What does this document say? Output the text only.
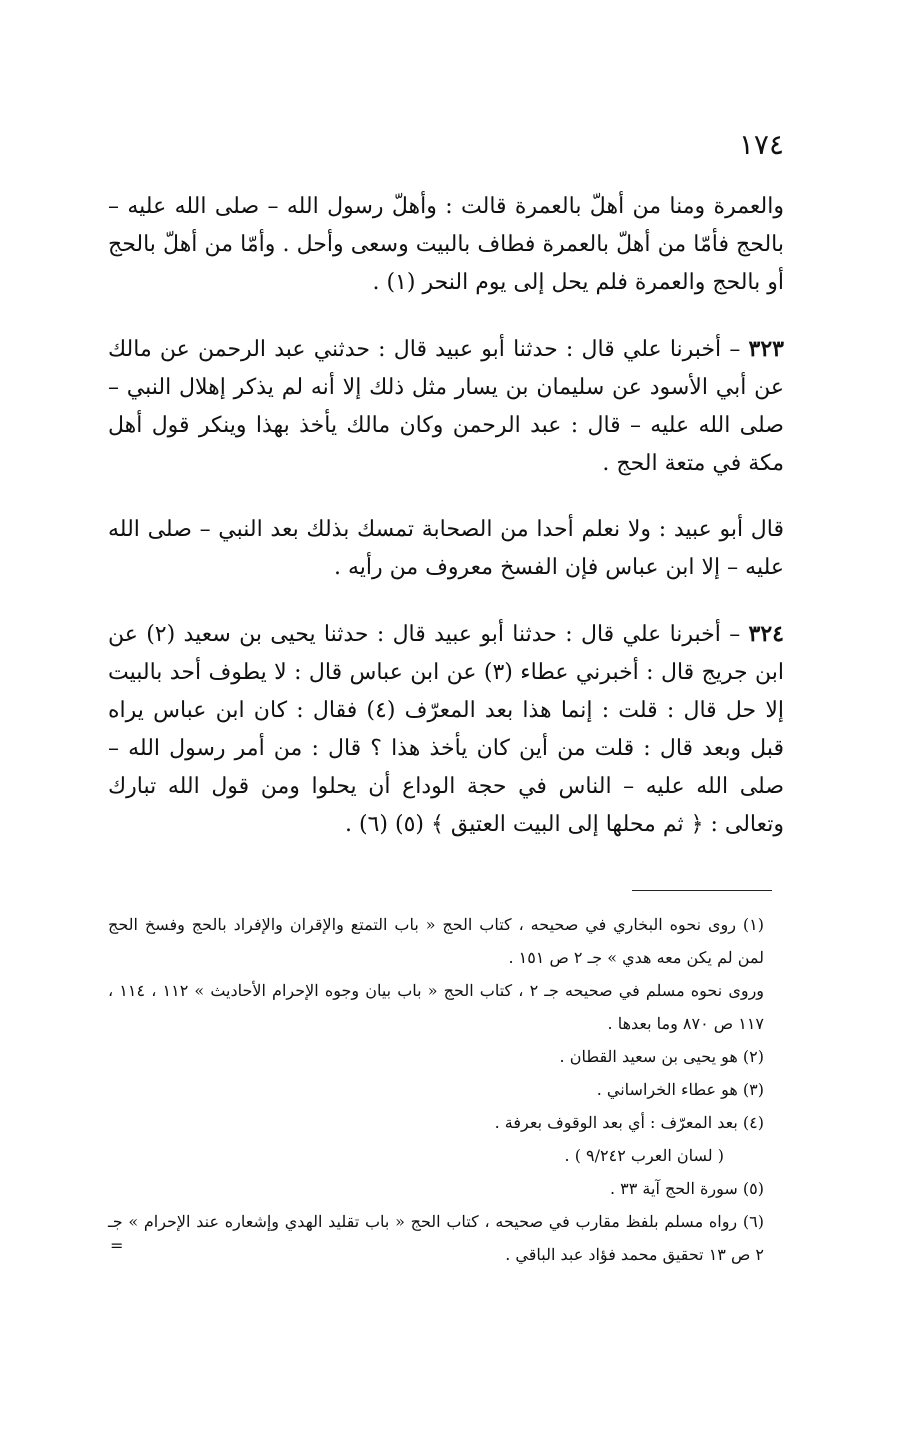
١٧٤

والعمرة ومنا من أهلّ بالعمرة قالت : وأهلّ رسول الله – صلى الله عليه – بالحج فأمّا من أهلّ بالعمرة فطاف بالبيت وسعى وأحل . وأمّا من أهلّ بالحج أو بالحج والعمرة فلم يحل إلى يوم النحر (١) .

٣٢٣ – أخبرنا علي قال : حدثنا أبو عبيد قال : حدثني عبد الرحمن عن مالك عن أبي الأسود عن سليمان بن يسار مثل ذلك إلا أنه لم يذكر إهلال النبي – صلى الله عليه – قال : عبد الرحمن وكان مالك يأخذ بهذا وينكر قول أهل مكة في متعة الحج .

قال أبو عبيد : ولا نعلم أحدا من الصحابة تمسك بذلك بعد النبي – صلى الله عليه – إلا ابن عباس فإن الفسخ معروف من رأيه .

٣٢٤ – أخبرنا علي قال : حدثنا أبو عبيد قال : حدثنا يحيى بن سعيد (٢) عن ابن جريج قال : أخبرني عطاء (٣) عن ابن عباس قال : لا يطوف أحد بالبيت إلا حل قال : قلت : إنما هذا بعد المعرّف (٤) فقال : كان ابن عباس يراه قبل وبعد قال : قلت من أين كان يأخذ هذا ؟ قال : من أمر رسول الله – صلى الله عليه – الناس في حجة الوداع أن يحلوا ومن قول الله تبارك وتعالى : ﴿ ثم محلها إلى البيت العتيق ﴾ (٥) (٦) .

(١) روى نحوه البخاري في صحيحه ، كتاب الحج « باب التمتع والإقران والإفراد بالحج وفسخ الحج لمن لم يكن معه هدي » جـ ٢ ص ١٥١ .

وروى نحوه مسلم في صحيحه جـ ٢ ، كتاب الحج « باب بيان وجوه الإحرام الأحاديث » ١١٢ ، ١١٤ ، ١١٧ ص ٨٧٠ وما بعدها .

(٢) هو يحيى بن سعيد القطان .

(٣) هو عطاء الخراساني .

(٤) بعد المعرّف : أي بعد الوقوف بعرفة .

( لسان العرب ٩/٢٤٢ ) .

(٥) سورة الحج آية ٣٣ .

(٦) رواه مسلم بلفظ مقارب في صحيحه ، كتاب الحج « باب تقليد الهدي وإشعاره عند الإحرام » جـ ٢ ص ١٣ تحقيق محمد فؤاد عبد الباقي .

=
